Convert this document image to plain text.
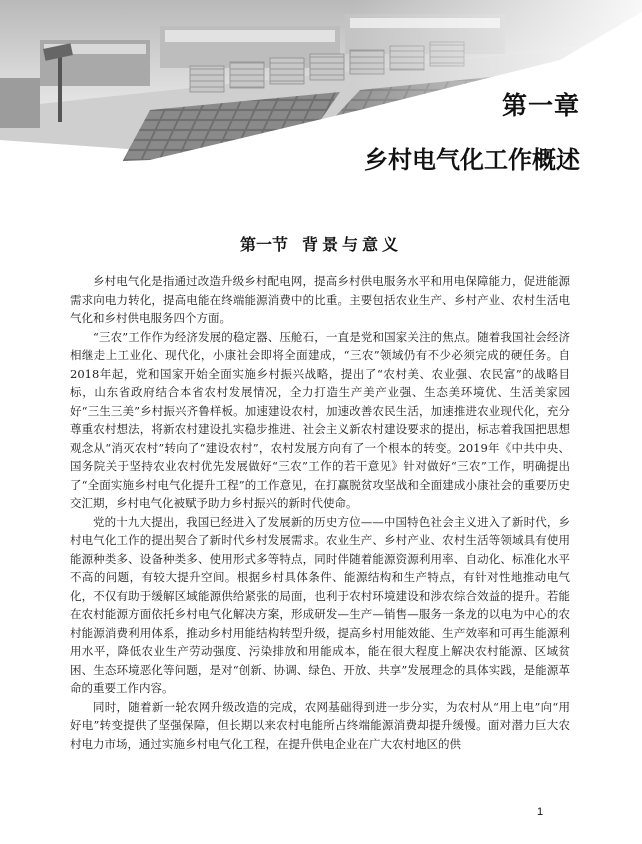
第一章
乡村电气化工作概述
第一节 背景与意义

乡村电气化是指通过改造升级乡村配电网，提高乡村供电服务水平和用电保障能力，促进能源需求向电力转化，提高电能在终端能源消费中的比重。主要包括农业生产、乡村产业、农村生活电气化和乡村供电服务四个方面。

“三农”工作作为经济发展的稳定器、压舱石，一直是党和国家关注的焦点。随着我国社会经济相继走上工业化、现代化，小康社会即将全面建成，“三农”领域仍有不少必须完成的硬任务。自2018年起，党和国家开始全面实施乡村振兴战略，提出了“农村美、农业强、农民富”的战略目标，山东省政府结合本省农村发展情况，全力打造生产美产业强、生态美环境优、生活美家园好“三生三美”乡村振兴齐鲁样板。加速建设农村，加速改善农民生活，加速推进农业现代化，充分尊重农村想法，将新农村建设扎实稳步推进、社会主义新农村建设要求的提出，标志着我国把思想观念从“消灭农村”转向了“建设农村”，农村发展方向有了一个根本的转变。2019年《中共中央、国务院关于坚持农业农村优先发展做好“三农”工作的若干意见》针对做好“三农”工作，明确提出了“全面实施乡村电气化提升工程”的工作意见，在打赢脱贫攻坚战和全面建成小康社会的重要历史交汇期，乡村电气化被赋予助力乡村振兴的新时代使命。

党的十九大提出，我国已经进入了发展新的历史方位——中国特色社会主义进入了新时代，乡村电气化工作的提出契合了新时代乡村发展需求。农业生产、乡村产业、农村生活等领域具有使用能源种类多、设备种类多、使用形式多等特点，同时伴随着能源资源利用率、自动化、标准化水平不高的问题，有较大提升空间。根据乡村具体条件、能源结构和生产特点，有针对性地推动电气化，不仅有助于缓解区域能源供给紧张的局面，也利于农村环境建设和涉农综合效益的提升。若能在农村能源方面依托乡村电气化解决方案，形成研发—生产—销售—服务一条龙的以电为中心的农村能源消费利用体系，推动乡村用能结构转型升级，提高乡村用能效能、生产效率和可再生能源利用水平，降低农业生产劳动强度、污染排放和用能成本，能在很大程度上解决农村能源、区域贫困、生态环境恶化等问题，是对“创新、协调、绿色、开放、共享”发展理念的具体实践，是能源革命的重要工作内容。

同时，随着新一轮农网升级改造的完成，农网基础得到进一步分实，为农村从“用上电”向“用好电”转变提供了坚强保障，但长期以来农村电能所占终端能源消费却提升缓慢。面对潜力巨大农村电力市场，通过实施乡村电气化工程，在提升供电企业在广大农村地区的供

1
